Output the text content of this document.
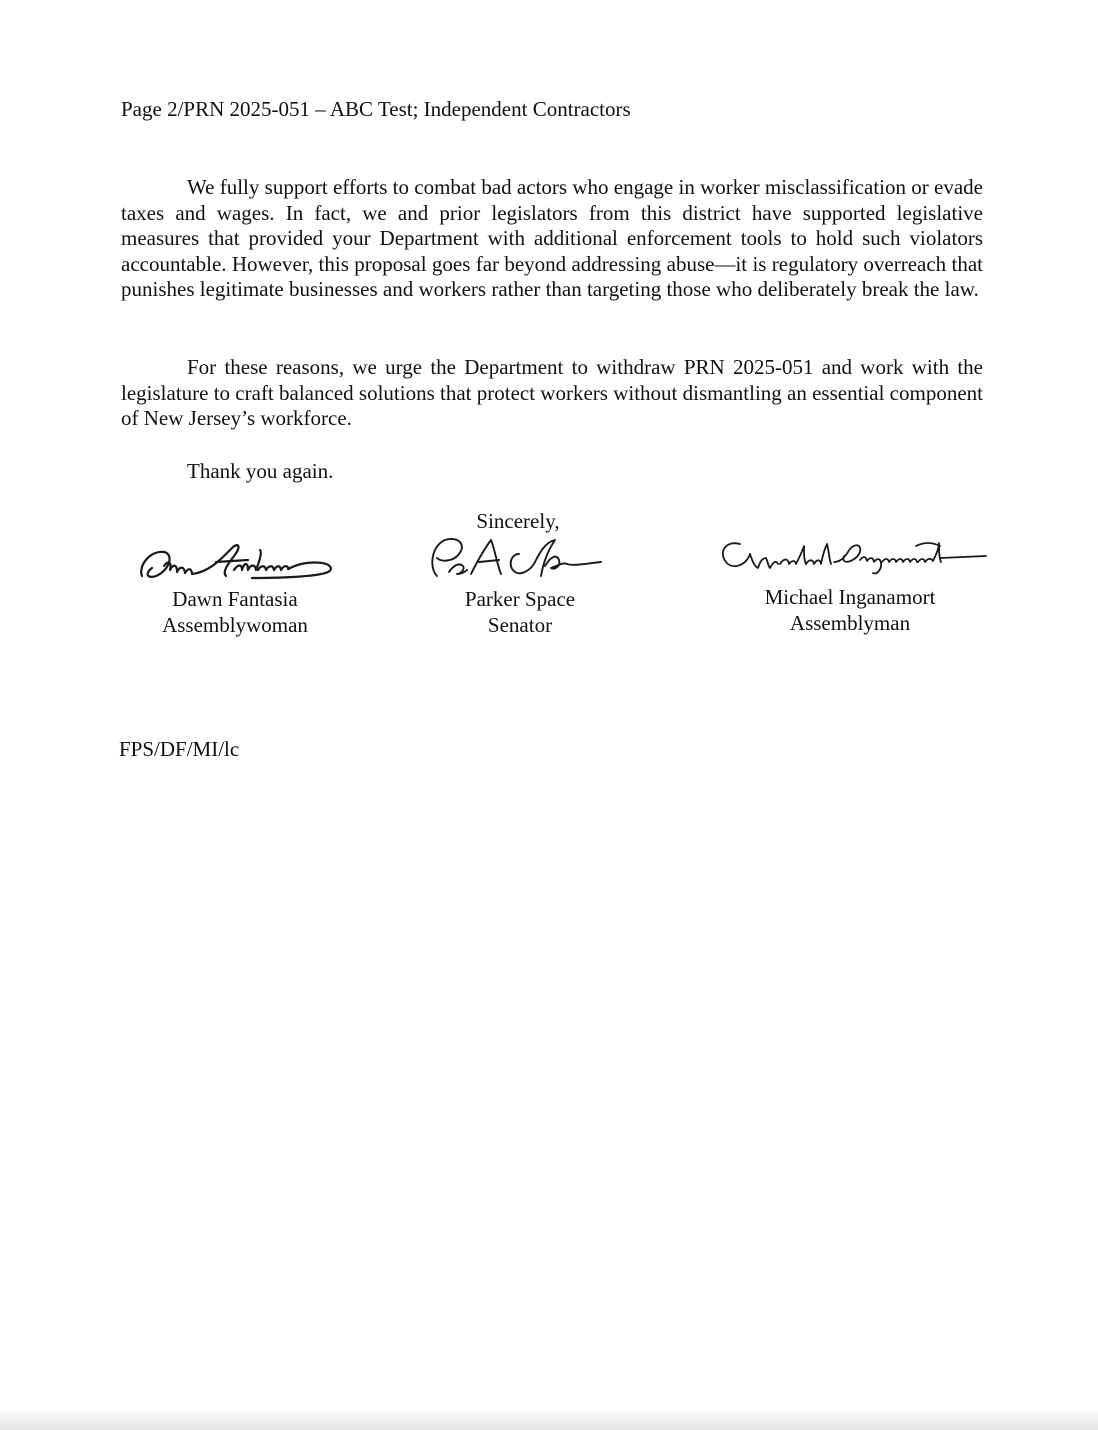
Page 2/PRN 2025-051 – ABC Test; Independent Contractors

We fully support efforts to combat bad actors who engage in worker misclassification or evade taxes and wages. In fact, we and prior legislators from this district have supported legislative measures that provided your Department with additional enforcement tools to hold such violators accountable. However, this proposal goes far beyond addressing abuse—it is regulatory overreach that punishes legitimate businesses and workers rather than targeting those who deliberately break the law.

For these reasons, we urge the Department to withdraw PRN 2025-051 and work with the legislature to craft balanced solutions that protect workers without dismantling an essential component of New Jersey’s workforce.

Thank you again.
Sincerely,
Dawn Fantasia
Assemblywoman
Parker Space
Senator
Michael Inganamort
Assemblyman
FPS/DF/MI/lc
